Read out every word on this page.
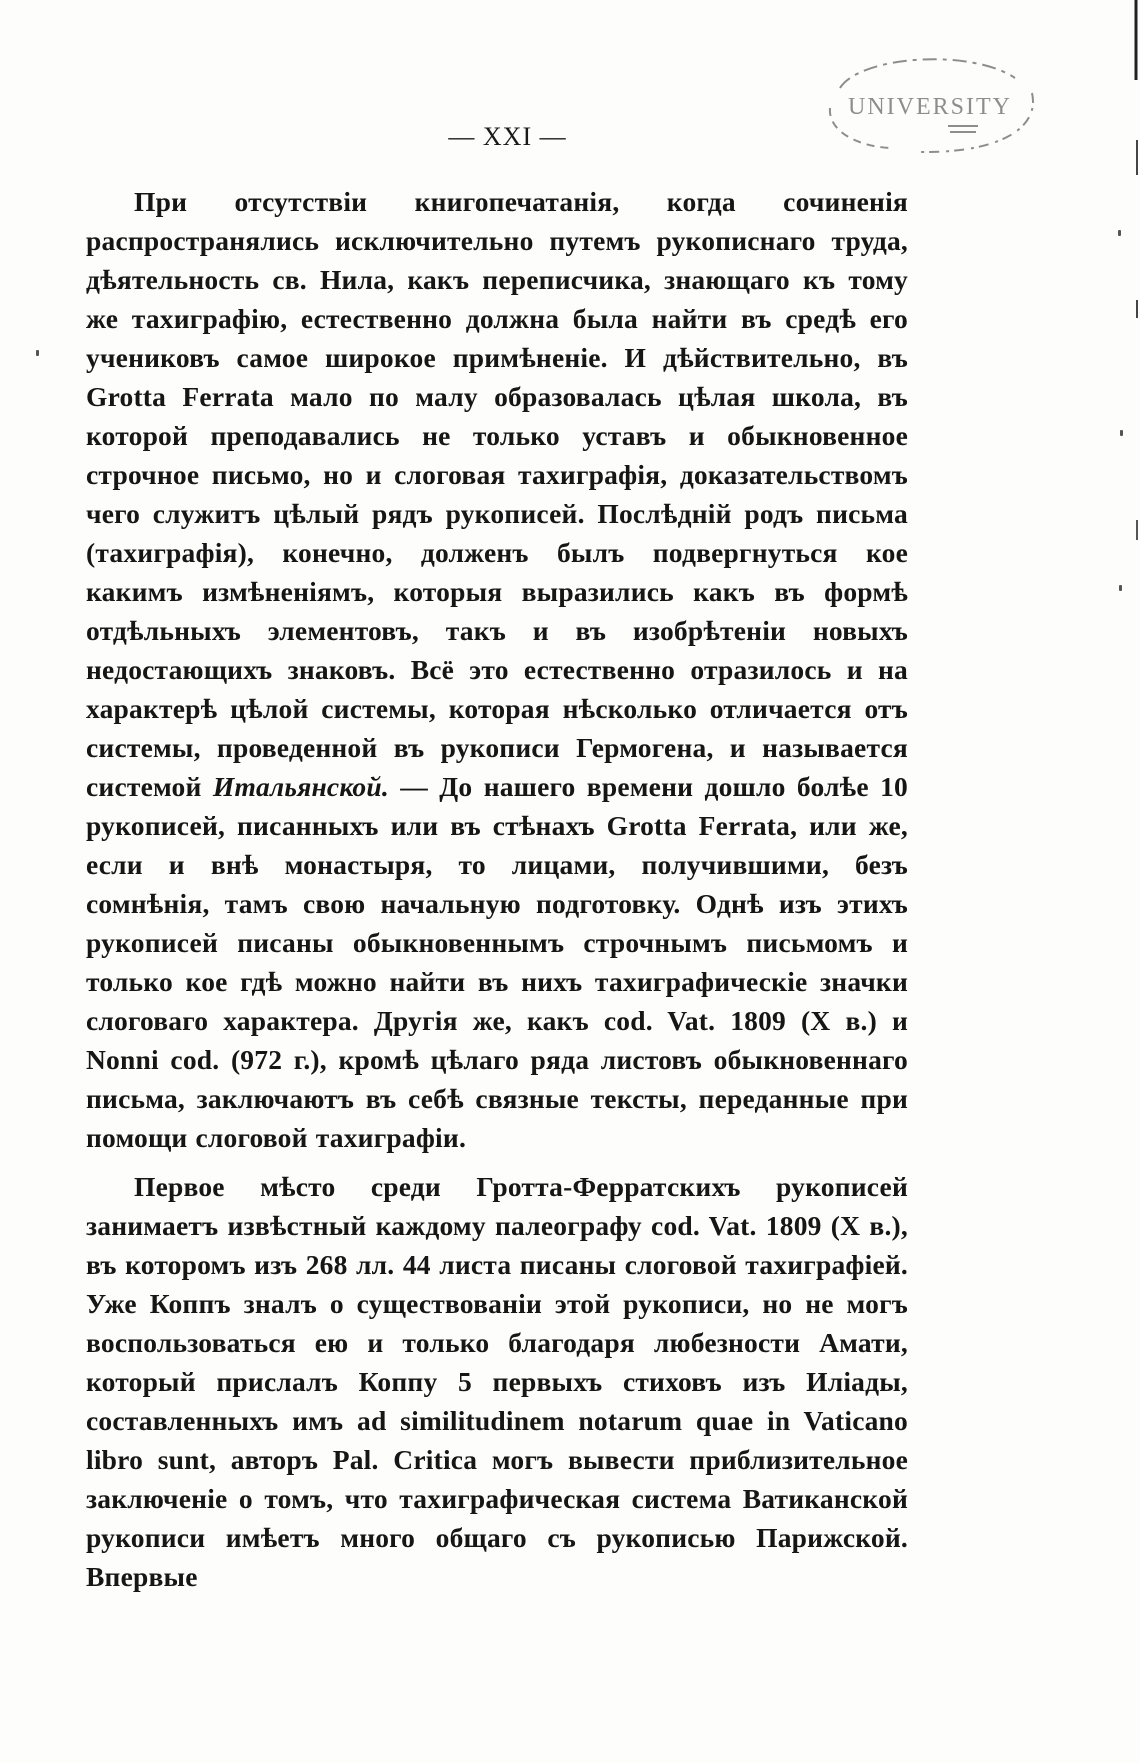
UNIVERSITY
— XXI —

При отсутствіи книгопечатанія, когда сочиненія распространялись исключительно путемъ рукописнаго труда, дѣятельность св. Нила, какъ переписчика, знающаго къ тому же тахиграфію, естественно должна была найти въ средѣ его учениковъ самое широкое примѣненіе. И дѣйствительно, въ Grotta Ferrata мало по малу образовалась цѣлая школа, въ которой преподавались не только уставъ и обыкновенное строчное письмо, но и слоговая тахиграфія, доказательствомъ чего служитъ цѣлый рядъ рукописей. Послѣдній родъ письма (тахиграфія), конечно, долженъ былъ подвергнуться кое какимъ измѣненіямъ, которыя выразились какъ въ формѣ отдѣльныхъ элементовъ, такъ и въ изобрѣтеніи новыхъ недостающихъ знаковъ. Всё это естественно отразилось и на характерѣ цѣлой системы, которая нѣсколько отличается отъ системы, проведенной въ рукописи Гермогена, и называется системой Итальянской. — До нашего времени дошло болѣе 10 рукописей, писанныхъ или въ стѣнахъ Grotta Ferrata, или же, если и внѣ монастыря, то лицами, получившими, безъ сомнѣнія, тамъ свою начальную подготовку. Однѣ изъ этихъ рукописей писаны обыкновеннымъ строчнымъ письмомъ и только кое гдѣ можно найти въ нихъ тахиграфическіе значки слоговаго характера. Другія же, какъ cod. Vat. 1809 (X в.) и Nonni cod. (972 г.), кромѣ цѣлаго ряда листовъ обыкновеннаго письма, заключаютъ въ себѣ связные тексты, переданные при помощи слоговой тахиграфіи.

Первое мѣсто среди Гротта-Ферратскихъ рукописей занимаетъ извѣстный каждому палеографу cod. Vat. 1809 (X в.), въ которомъ изъ 268 лл. 44 листа писаны слоговой тахиграфіей. Уже Коппъ зналъ о существованіи этой рукописи, но не могъ воспользоваться ею и только благодаря любезности Амати, который прислалъ Коппу 5 первыхъ стиховъ изъ Иліады, составленныхъ имъ ad similitudinem notarum quae in Vaticano libro sunt, авторъ Pal. Critica могъ вывести приблизительное заключеніе о томъ, что тахиграфическая система Ватиканской рукописи имѣетъ много общаго съ рукописью Парижской. Впервые
